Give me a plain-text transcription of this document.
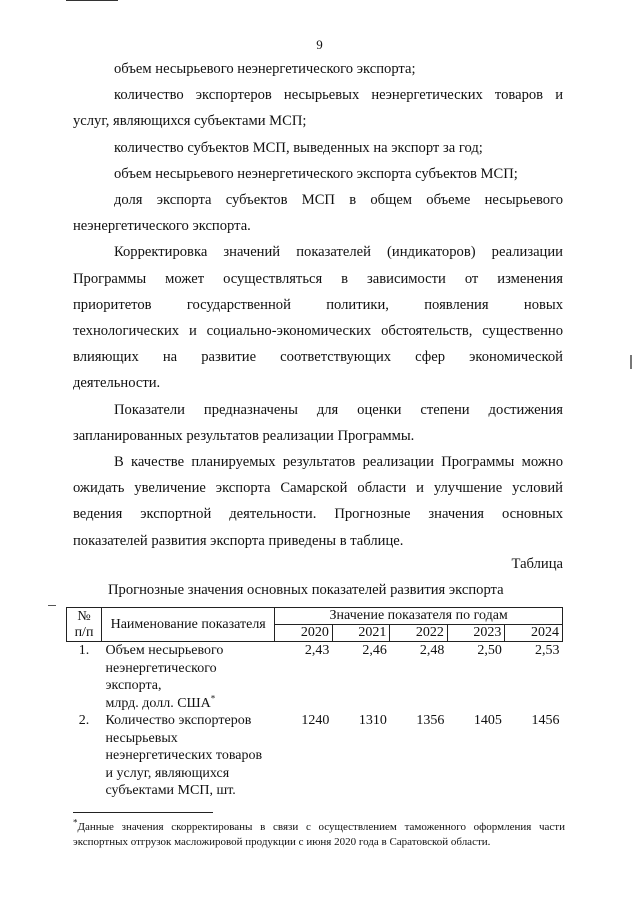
9

объем несырьевого неэнергетического экспорта;

количество экспортеров несырьевых неэнергетических товаров и

услуг, являющихся субъектами МСП;

количество субъектов МСП, выведенных на экспорт за год;

объем несырьевого неэнергетического экспорта субъектов МСП;

доля экспорта субъектов МСП в общем объеме несырьевого

неэнергетического экспорта.

Корректировка значений показателей (индикаторов) реализации

Программы может осуществляться в зависимости от изменения

приоритетов государственной политики, появления новых

технологических и социально-экономических обстоятельств, существенно

влияющих на развитие соответствующих сфер экономической

деятельности.

Показатели предназначены для оценки степени достижения

запланированных результатов реализации Программы.

В качестве планируемых результатов реализации Программы можно

ожидать увеличение экспорта Самарской области и улучшение условий

ведения экспортной деятельности. Прогнозные значения основных

показателей развития экспорта приведены в таблице.

Таблица
Прогнозные значения основных показателей развития экспорта
№
п/п	Наименование показателя	Значение показателя по годам				
		2020	2021	2022	2023	2024
1.	Объем несырьевого
неэнергетического
экспорта,
млрд. долл. США*	2,43	2,46	2,48	2,50	2,53
2.	Количество экспортеров
несырьевых
неэнергетических товаров
и услуг, являющихся
субъектами МСП, шт.	1240	1310	1356	1405	1456
*Данные значения скорректированы в связи с осуществлением таможенного оформления части экспортных отгрузок масложировой продукции с июня 2020 года в Саратовской области.
